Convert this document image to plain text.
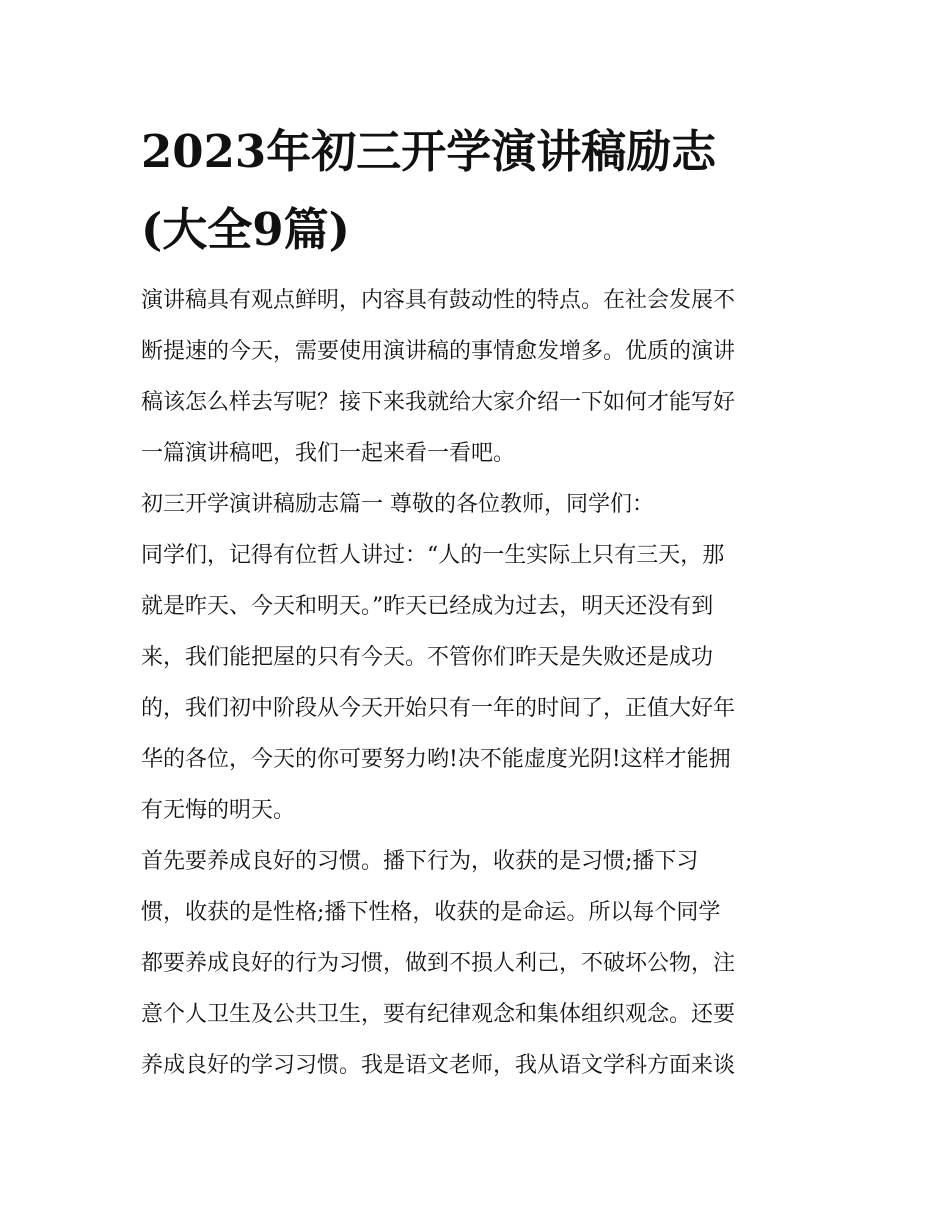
2023年初三开学演讲稿励志
(大全9篇)

演讲稿具有观点鲜明，内容具有鼓动性的特点。在社会发展不
断提速的今天，需要使用演讲稿的事情愈发增多。优质的演讲
稿该怎么样去写呢？接下来我就给大家介绍一下如何才能写好
一篇演讲稿吧，我们一起来看一看吧。

初三开学演讲稿励志篇一 尊敬的各位教师，同学们：

同学们，记得有位哲人讲过：“人的一生实际上只有三天，那
就是昨天、今天和明天。”昨天已经成为过去，明天还没有到
来，我们能把屋的只有今天。不管你们昨天是失败还是成功
的，我们初中阶段从今天开始只有一年的时间了，正值大好年
华的各位，今天的你可要努力哟!决不能虚度光阴!这样才能拥
有无悔的明天。

首先要养成良好的习惯。播下行为，收获的是习惯;播下习
惯，收获的是性格;播下性格，收获的是命运。所以每个同学
都要养成良好的行为习惯，做到不损人利己，不破坏公物，注
意个人卫生及公共卫生，要有纪律观念和集体组织观念。还要
养成良好的学习习惯。我是语文老师，我从语文学科方面来谈
